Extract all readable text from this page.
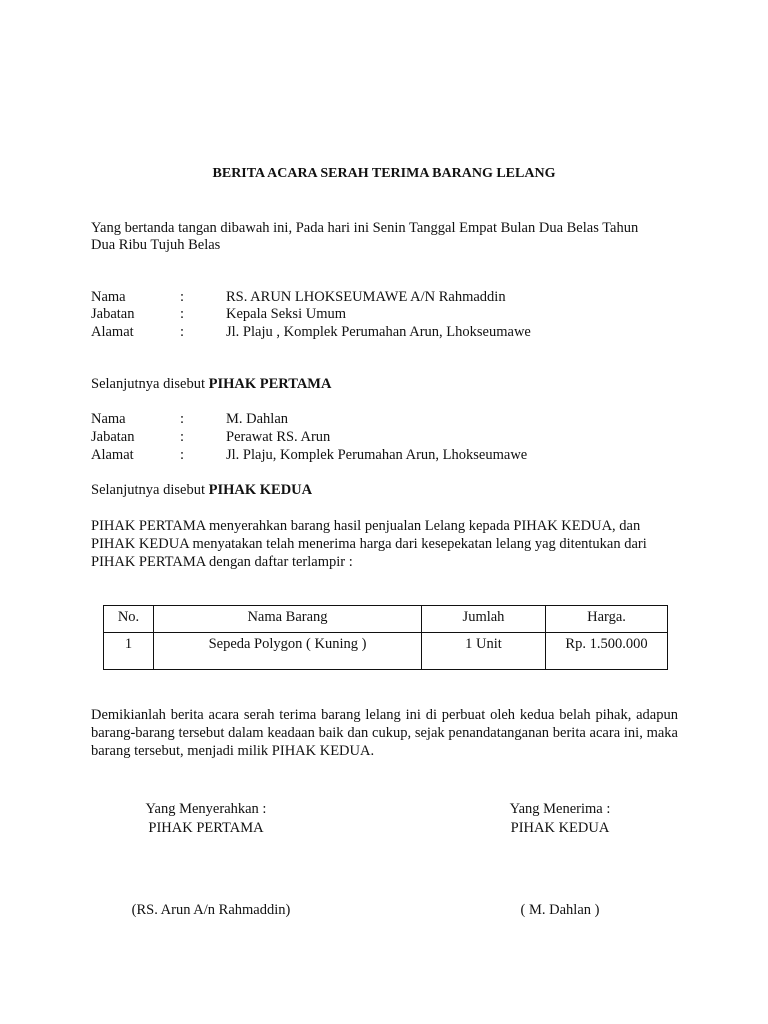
BERITA ACARA SERAH TERIMA BARANG LELANG
Yang bertanda tangan dibawah ini, Pada hari ini Senin Tanggal Empat Bulan Dua Belas Tahun
Dua Ribu Tujuh Belas
Nama	:	RS. ARUN LHOKSEUMAWE A/N Rahmaddin
Jabatan	:	Kepala Seksi Umum
Alamat	:	Jl. Plaju , Komplek Perumahan Arun, Lhokseumawe
Selanjutnya disebut PIHAK PERTAMA
Nama	:	M. Dahlan
Jabatan	:	Perawat RS. Arun
Alamat	:	Jl. Plaju, Komplek Perumahan Arun, Lhokseumawe
Selanjutnya disebut PIHAK KEDUA
PIHAK PERTAMA menyerahkan barang hasil penjualan Lelang kepada PIHAK KEDUA, dan PIHAK KEDUA menyatakan telah menerima harga dari kesepekatan lelang yag ditentukan dari PIHAK PERTAMA dengan daftar terlampir :
No.	Nama Barang	Jumlah	Harga.
1	Sepeda Polygon ( Kuning )	1 Unit	Rp. 1.500.000
Demikianlah berita acara serah terima barang lelang ini di perbuat oleh kedua belah pihak, adapun barang-barang tersebut dalam keadaan baik dan cukup, sejak penandatanganan berita acara ini, maka barang tersebut, menjadi milik PIHAK KEDUA.
Yang Menyerahkan :
PIHAK PERTAMA
(RS. Arun A/n Rahmaddin)
Yang Menerima :
PIHAK KEDUA
( M. Dahlan )
